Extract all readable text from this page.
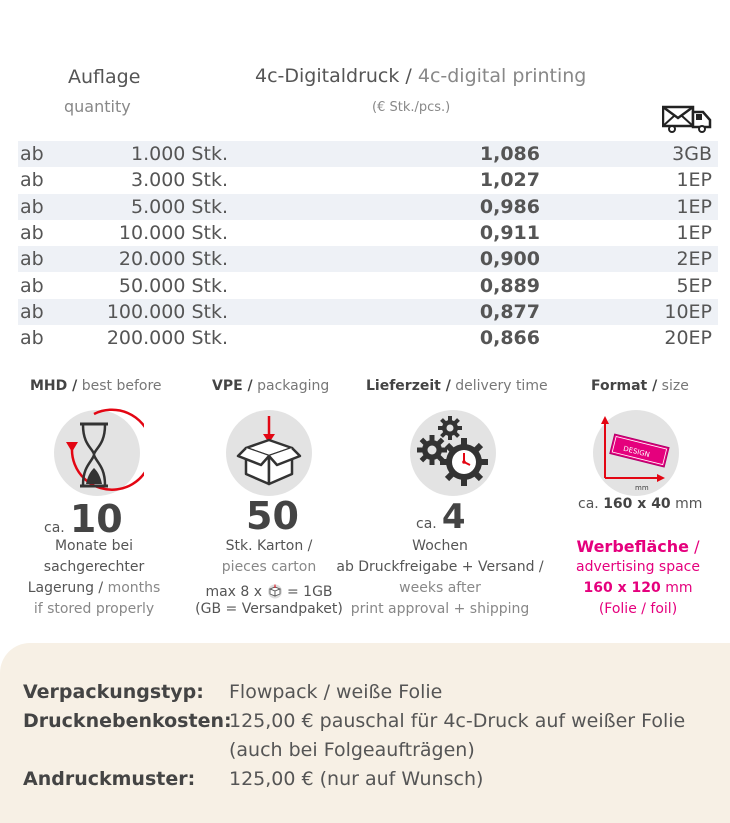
Auflage
quantity
4c-Digitaldruck / 4c-digital printing
(€ Stk./pcs.)
ab	1.000 Stk.	1,086	3GB
ab	3.000 Stk.	1,027	1EP
ab	5.000 Stk.	0,986	1EP
ab	10.000 Stk.	0,911	1EP
ab	20.000 Stk.	0,900	2EP
ab	50.000 Stk.	0,889	5EP
ab	100.000 Stk.	0,877	10EP
ab	200.000 Stk.	0,866	20EP
MHD / best before	VPE / packaging	Lieferzeit / delivery time	Format / size
mm
DESIGN
ca. 10
Monate bei
sachgerechter
Lagerung / months
if stored properly
50
Stk. Karton /
pieces carton
max 8 x = 1GB
(GB = Versandpaket)
ca. 4
Wochen
ab Druckfreigabe + Versand /
weeks after
print approval + shipping
ca. 160 x 40 mm
Werbefläche /
advertising space
160 x 120 mm
(Folie / foil)
Verpackungstyp: Flowpack / weiße Folie
Drucknebenkosten:
125,00 € pauschal für 4c-Druck auf weißer Folie
(auch bei Folgeaufträgen)
Andruckmuster: 125,00 € (nur auf Wunsch)
